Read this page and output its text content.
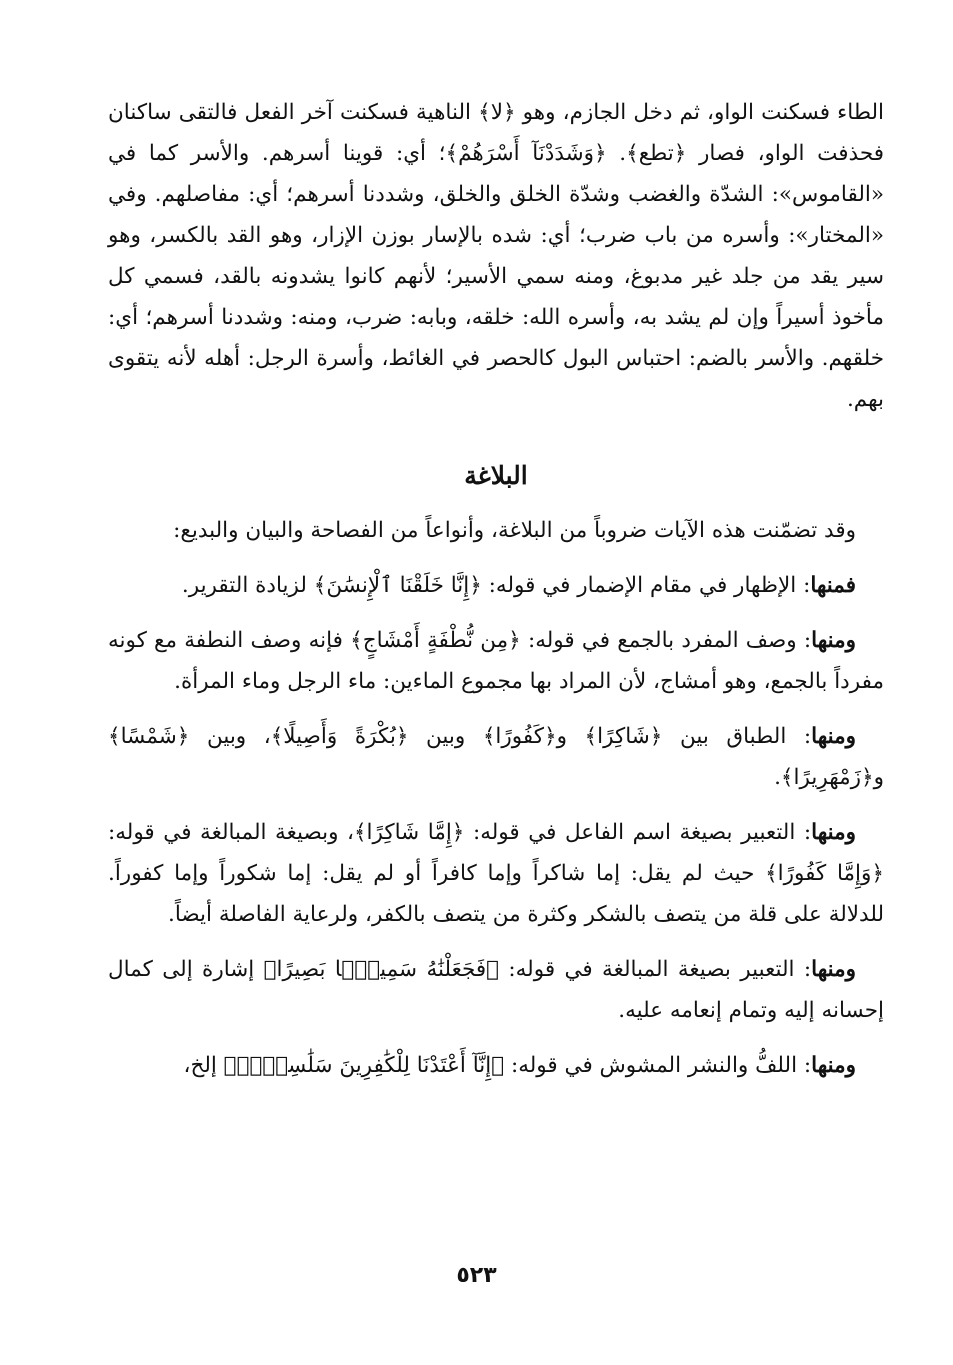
الطاء فسكنت الواو، ثم دخل الجازم، وهو ﴿لا﴾ الناهية فسكنت آخر الفعل فالتقى ساكنان فحذفت الواو، فصار ﴿تطع﴾. ﴿وَشَدَدْنَآ أَسْرَهُمْ﴾؛ أي: قوينا أسرهم. والأسر كما في «القاموس»: الشدّة والغضب وشدّة الخلق والخلق، وشددنا أسرهم؛ أي: مفاصلهم. وفي «المختار»: وأسره من باب ضرب؛ أي: شده بالإسار بوزن الإزار، وهو القد بالكسر، وهو سير يقد من جلد غير مدبوغ، ومنه سمي الأسير؛ لأنهم كانوا يشدونه بالقد، فسمي كل مأخوذ أسيراً وإن لم يشد به، وأسره الله: خلقه، وبابه: ضرب، ومنه: وشددنا أسرهم؛ أي: خلقهم. والأسر بالضم: احتباس البول كالحصر في الغائط، وأسرة الرجل: أهله لأنه يتقوى بهم.

البلاغة

وقد تضمّنت هذه الآيات ضروباً من البلاغة، وأنواعاً من الفصاحة والبيان والبديع:

فمنها: الإظهار في مقام الإضمار في قوله: ﴿إِنَّا خَلَقْنَا ٱلْإِنسَٰنَ﴾ لزيادة التقرير.

ومنها: وصف المفرد بالجمع في قوله: ﴿مِن نُّطْفَةٍ أَمْشَاجٍ﴾ فإنه وصف النطفة مع كونه مفرداً بالجمع، وهو أمشاج، لأن المراد بها مجموع الماءين: ماء الرجل وماء المرأة.

ومنها: الطباق بين ﴿شَاكِرًا﴾ و﴿كَفُورًا﴾ وبين ﴿بُكْرَةً وَأَصِيلًا﴾، وبين ﴿شَمْسًا﴾ و﴿زَمْهَرِيرًا﴾.

ومنها: التعبير بصيغة اسم الفاعل في قوله: ﴿إِمَّا شَاكِرًا﴾، وبصيغة المبالغة في قوله: ﴿وَإِمَّا كَفُورًا﴾ حيث لم يقل: إما شاكراً وإما كافراً أو لم يقل: إما شكوراً وإما كفوراً. للدلالة على قلة من يتصف بالشكر وكثرة من يتصف بالكفر، ولرعاية الفاصلة أيضاً.

ومنها: التعبير بصيغة المبالغة في قوله: ﴿فَجَعَلْنَٰهُ سَمِيعًۢا بَصِيرًا﴾ إشارة إلى كمال إحسانه إليه وتمام إنعامه عليه.

ومنها: اللفُّ والنشر المشوش في قوله: ﴿إِنَّآ أَعْتَدْنَا لِلْكَٰفِرِينَ سَلَٰسِلَا۟﴾ إلخ،

٥٢٣
